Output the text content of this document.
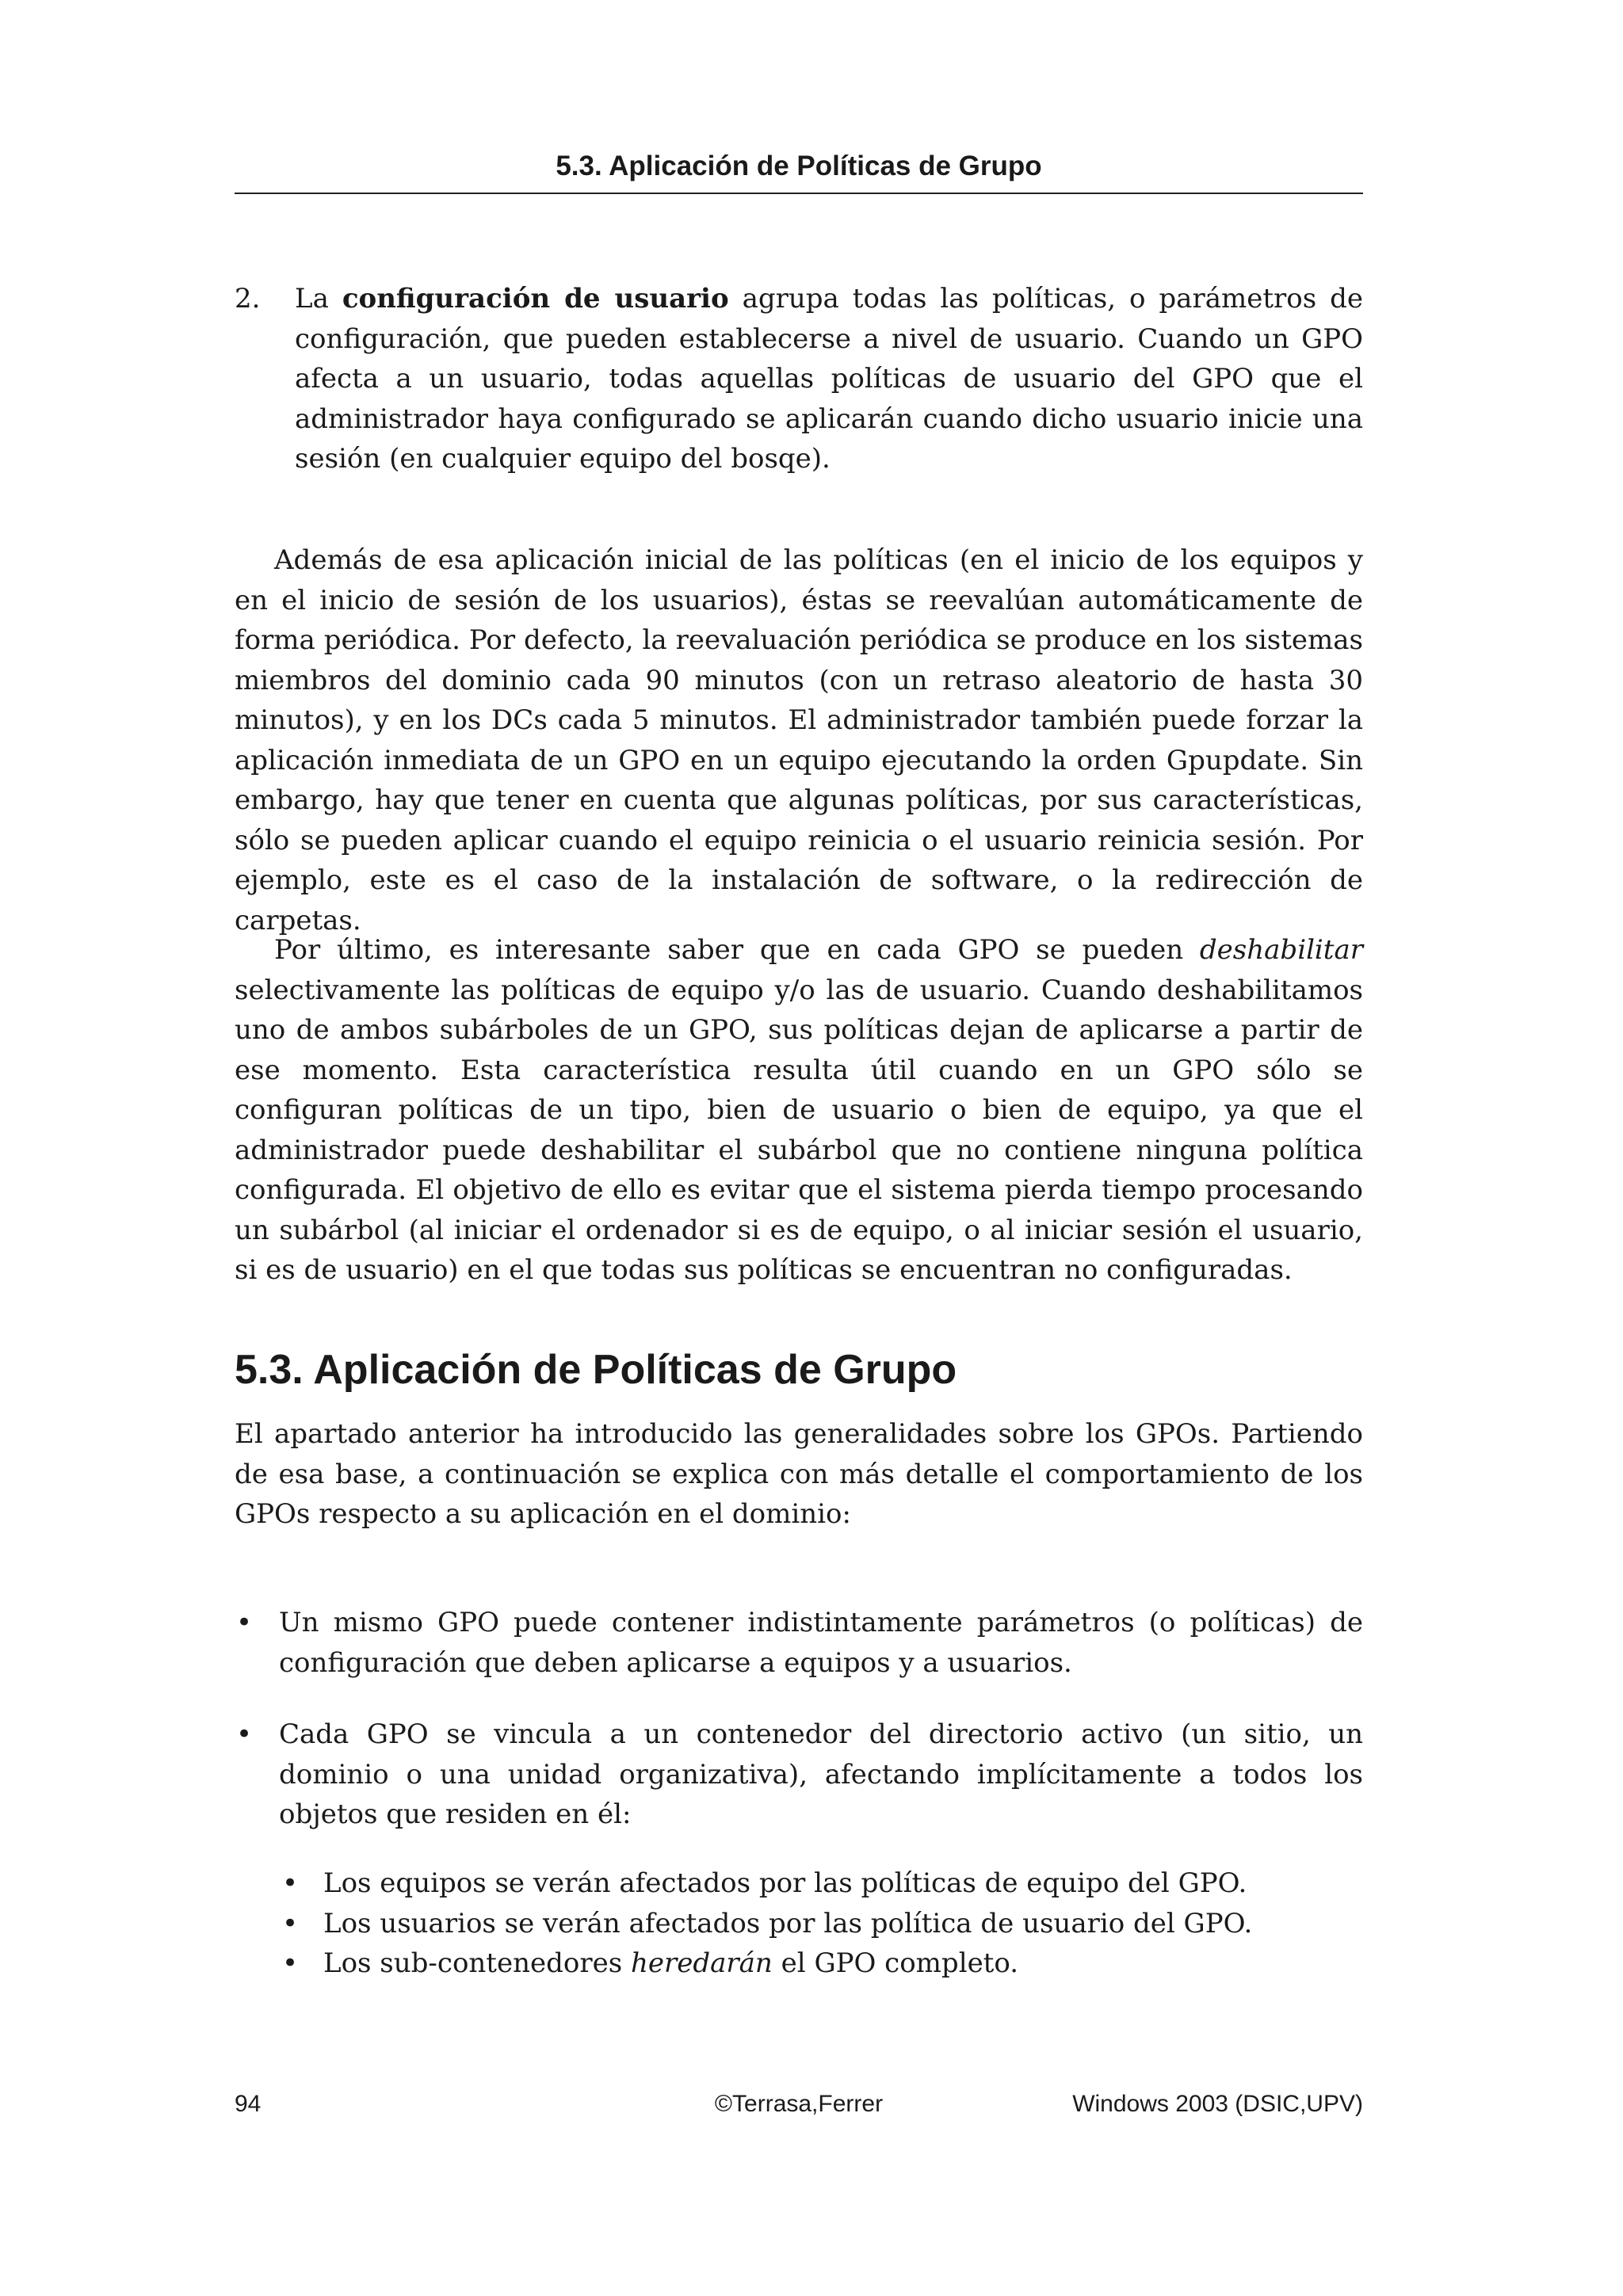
5.3. Aplicación de Políticas de Grupo
2. La configuración de usuario agrupa todas las políticas, o parámetros de configuración, que pueden establecerse a nivel de usuario. Cuando un GPO afecta a un usuario, todas aquellas políticas de usuario del GPO que el administrador haya configurado se aplicarán cuando dicho usuario inicie una sesión (en cualquier equipo del bosqe).

Además de esa aplicación inicial de las políticas (en el inicio de los equipos y en el inicio de sesión de los usuarios), éstas se reevalúan automáticamente de forma periódica. Por defecto, la reevaluación periódica se produce en los sistemas miembros del dominio cada 90 minutos (con un retraso aleatorio de hasta 30 minutos), y en los DCs cada 5 minutos. El administrador también puede forzar la aplicación inmediata de un GPO en un equipo ejecutando la orden Gpupdate. Sin embargo, hay que tener en cuenta que algunas políticas, por sus características, sólo se pueden aplicar cuando el equipo reinicia o el usuario reinicia sesión. Por ejemplo, este es el caso de la instalación de software, o la redirección de carpetas.

Por último, es interesante saber que en cada GPO se pueden deshabilitar selectivamente las políticas de equipo y/o las de usuario. Cuando deshabilitamos uno de ambos subárboles de un GPO, sus políticas dejan de aplicarse a partir de ese momento. Esta característica resulta útil cuando en un GPO sólo se configuran políticas de un tipo, bien de usuario o bien de equipo, ya que el administrador puede deshabilitar el subárbol que no contiene ninguna política configurada. El objetivo de ello es evitar que el sistema pierda tiempo procesando un subárbol (al iniciar el ordenador si es de equipo, o al iniciar sesión el usuario, si es de usuario) en el que todas sus políticas se encuentran no configuradas.

5.3. Aplicación de Políticas de Grupo

El apartado anterior ha introducido las generalidades sobre los GPOs. Partiendo de esa base, a continuación se explica con más detalle el comportamiento de los GPOs respecto a su aplicación en el dominio:

• Un mismo GPO puede contener indistintamente parámetros (o políticas) de configuración que deben aplicarse a equipos y a usuarios.
• Cada GPO se vincula a un contenedor del directorio activo (un sitio, un dominio o una unidad organizativa), afectando implícitamente a todos los objetos que residen en él:
• Los equipos se verán afectados por las políticas de equipo del GPO.
• Los usuarios se verán afectados por las política de usuario del GPO.
• Los sub-contenedores heredarán el GPO completo.
94	©Terrasa,Ferrer	Windows 2003 (DSIC,UPV)
